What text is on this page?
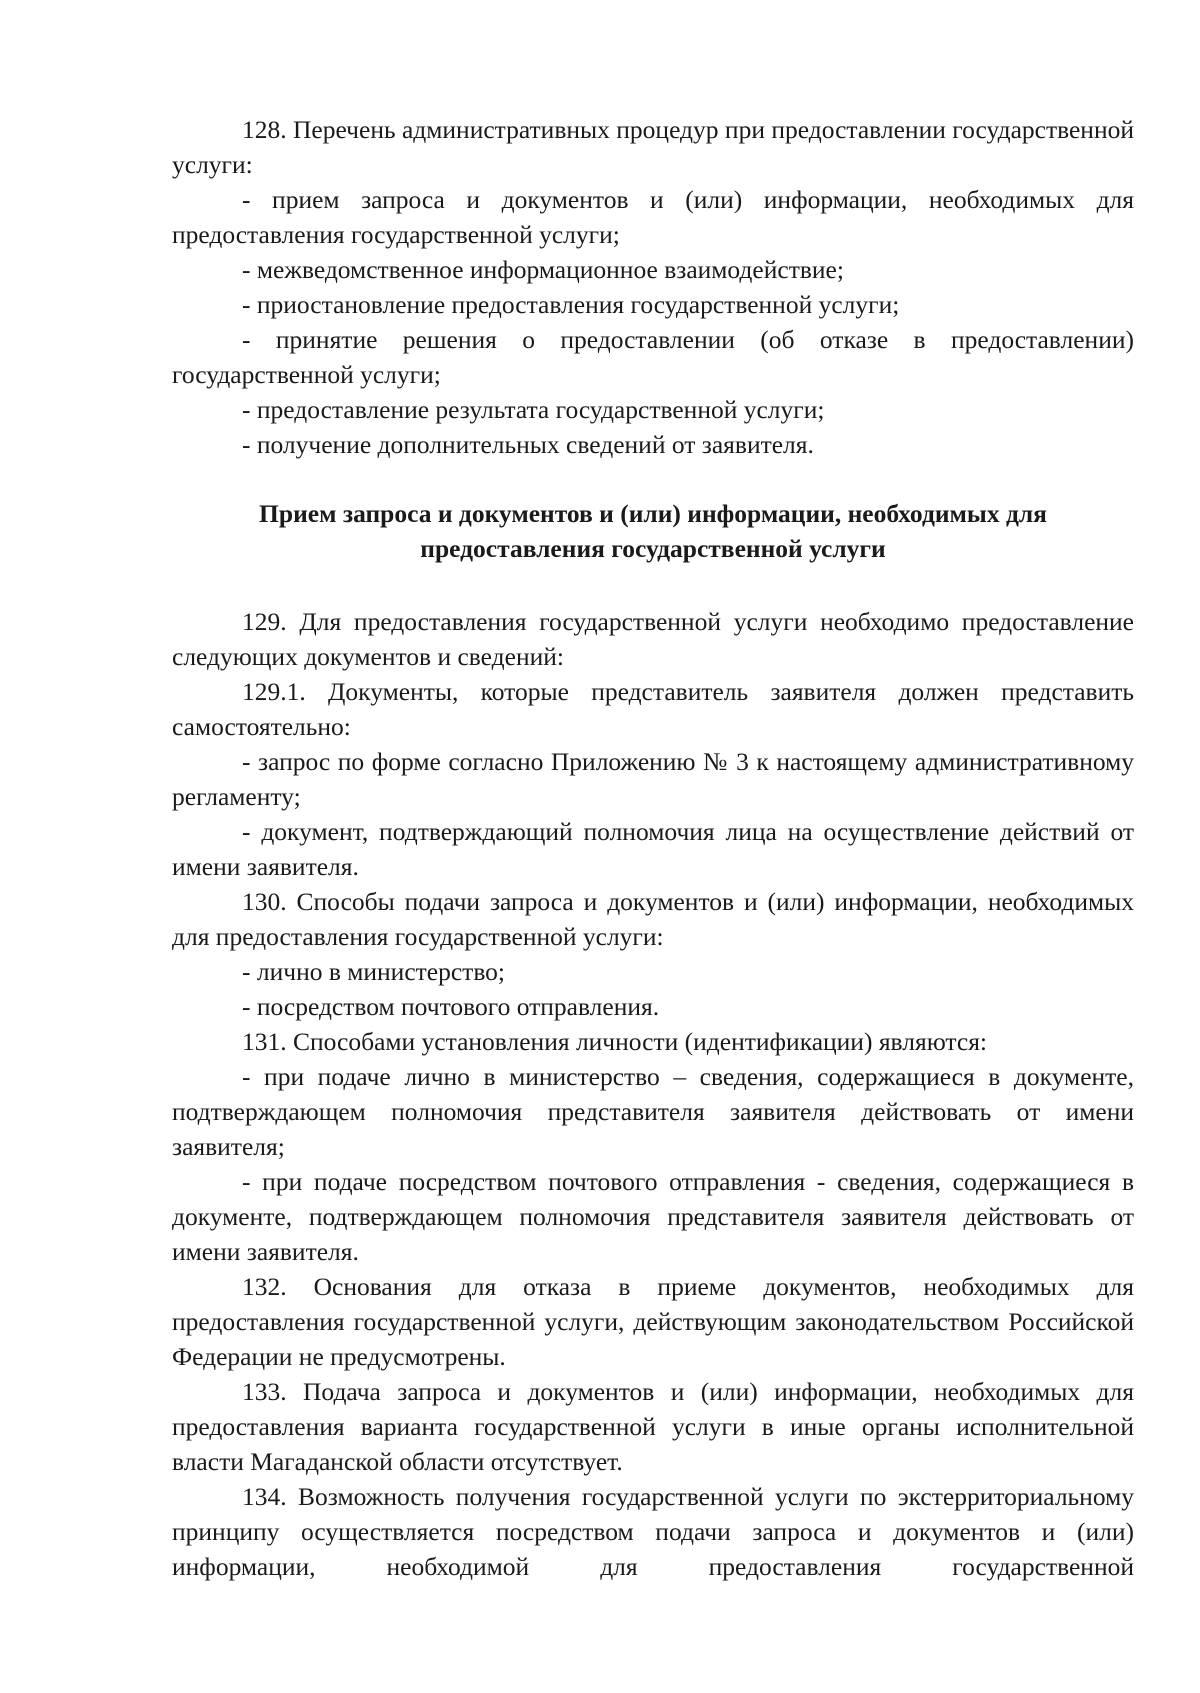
128. Перечень административных процедур при предоставлении государственной услуги:

- прием запроса и документов и (или) информации, необходимых для предоставления государственной услуги;

- межведомственное информационное взаимодействие;

- приостановление предоставления государственной услуги;

- принятие решения о предоставлении (об отказе в предоставлении) государственной услуги;

- предоставление результата государственной услуги;

- получение дополнительных сведений от заявителя.

Прием запроса и документов и (или) информации, необходимых для предоставления государственной услуги

129. Для предоставления государственной услуги необходимо предоставление следующих документов и сведений:

129.1. Документы, которые представитель заявителя должен представить самостоятельно:

- запрос по форме согласно Приложению № 3 к настоящему административному регламенту;

- документ, подтверждающий полномочия лица на осуществление действий от имени заявителя.

130. Способы подачи запроса и документов и (или) информации, необходимых для предоставления государственной услуги:

- лично в министерство;

- посредством почтового отправления.

131. Способами установления личности (идентификации) являются:

- при подаче лично в министерство – сведения, содержащиеся в документе, подтверждающем полномочия представителя заявителя действовать от имени заявителя;

- при подаче посредством почтового отправления - сведения, содержащиеся в документе, подтверждающем полномочия представителя заявителя действовать от имени заявителя.

132. Основания для отказа в приеме документов, необходимых для предоставления государственной услуги, действующим законодательством Российской Федерации не предусмотрены.

133. Подача запроса и документов и (или) информации, необходимых для предоставления варианта государственной услуги в иные органы исполнительной власти Магаданской области отсутствует.

134. Возможность получения государственной услуги по экстерриториальному принципу осуществляется посредством подачи запроса и документов и (или) информации, необходимой для предоставления государственной
